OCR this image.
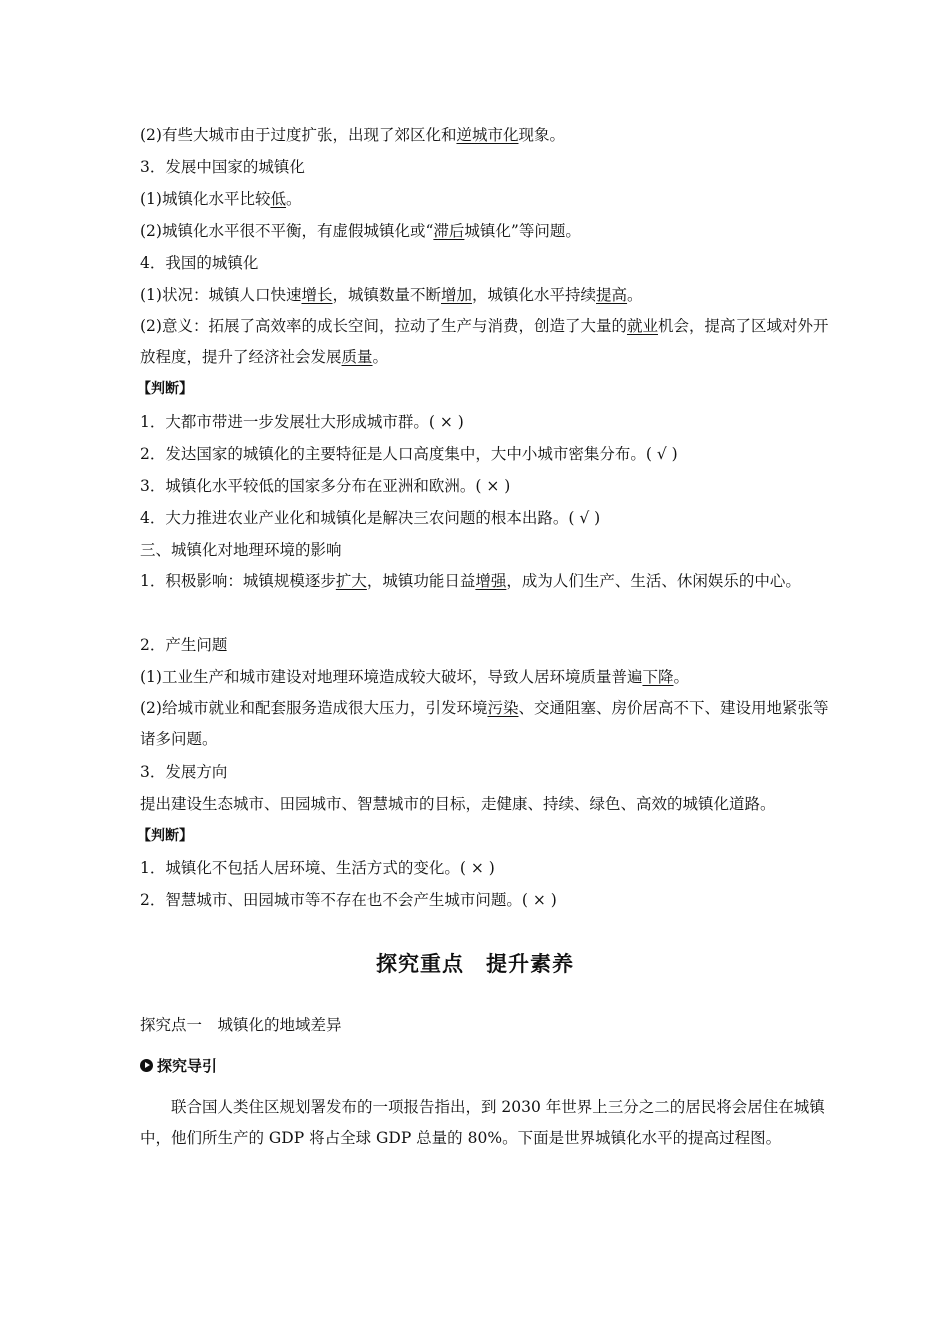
(2)有些大城市由于过度扩张，出现了郊区化和逆城市化现象。
3．发展中国家的城镇化
(1)城镇化水平比较低。
(2)城镇化水平很不平衡，有虚假城镇化或“滞后城镇化”等问题。
4．我国的城镇化
(1)状况：城镇人口快速增长，城镇数量不断增加，城镇化水平持续提高。
(2)意义：拓展了高效率的成长空间，拉动了生产与消费，创造了大量的就业机会，提高了区域对外开放程度，提升了经济社会发展质量。
【判断】
1．大都市带进一步发展壮大形成城市群。( × )
2．发达国家的城镇化的主要特征是人口高度集中，大中小城市密集分布。( √ )
3．城镇化水平较低的国家多分布在亚洲和欧洲。( × )
4．大力推进农业产业化和城镇化是解决三农问题的根本出路。( √ )
三、城镇化对地理环境的影响
1．积极影响：城镇规模逐步扩大，城镇功能日益增强，成为人们生产、生活、休闲娱乐的中心。
2．产生问题
(1)工业生产和城市建设对地理环境造成较大破坏，导致人居环境质量普遍下降。
(2)给城市就业和配套服务造成很大压力，引发环境污染、交通阻塞、房价居高不下、建设用地紧张等诸多问题。
3．发展方向
提出建设生态城市、田园城市、智慧城市的目标，走健康、持续、绿色、高效的城镇化道路。
【判断】
1．城镇化不包括人居环境、生活方式的变化。( × )
2．智慧城市、田园城市等不存在也不会产生城市问题。( × )
探究重点　提升素养
探究点一　城镇化的地域差异
探究导引
联合国人类住区规划署发布的一项报告指出，到 2030 年世界上三分之二的居民将会居住在城镇中，他们所生产的 GDP 将占全球 GDP 总量的 80%。下面是世界城镇化水平的提高过程图。
